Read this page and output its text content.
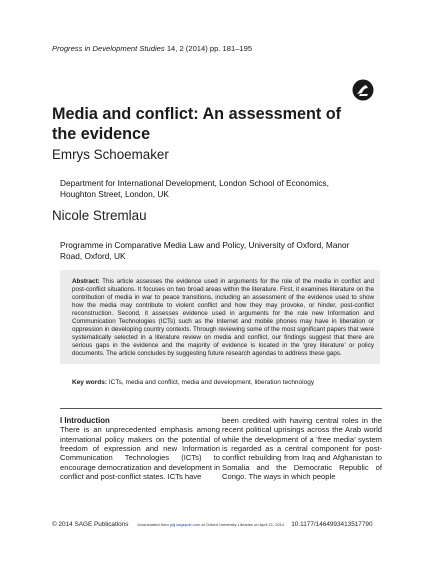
Progress in Development Studies 14, 2 (2014) pp. 181–195
Media and conflict: An assessment of the evidence
Emrys Schoemaker
Department for International Development, London School of Economics, Houghton Street, London, UK
Nicole Stremlau
Programme in Comparative Media Law and Policy, University of Oxford, Manor Road, Oxford, UK
Abstract: This article assesses the evidence used in arguments for the role of the media in conflict and post-conflict situations. It focuses on two broad areas within the literature. First, it examines literature on the contribution of media in war to peace transitions, including an assessment of the evidence used to show how the media may contribute to violent conflict and how they may provoke, or hinder, post-conflict reconstruction. Second, it assesses evidence used in arguments for the role new Information and Communication Technologies (ICTs) such as the Internet and mobile phones may have in liberation or oppression in developing country contexts. Through reviewing some of the most significant papers that were systematically selected in a literature review on media and conflict, our findings suggest that there are serious gaps in the evidence and the majority of evidence is located in the ‘grey literature’ or policy documents. The article concludes by suggesting future research agendas to address these gaps.
Key words: ICTs, media and conflict, media and development, liberation technology
I Introduction
There is an unprecedented emphasis among international policy makers on the potential of freedom of expression and new Information Communication Technologies (ICTs) to encourage democratization and development in conflict and post-conflict states. ICTs have
been credited with having central roles in the recent political uprisings across the Arab world while the development of a ‘free media’ system is regarded as a central component for post-conflict rebuilding from Iraq and Afghanistan to Somalia and the Democratic Republic of Congo. The ways in which people
© 2014 SAGE Publications Downloaded from pdj.sagepub.com at Oxford University Libraries on April 21, 2014 10.1177/1464993413517790
